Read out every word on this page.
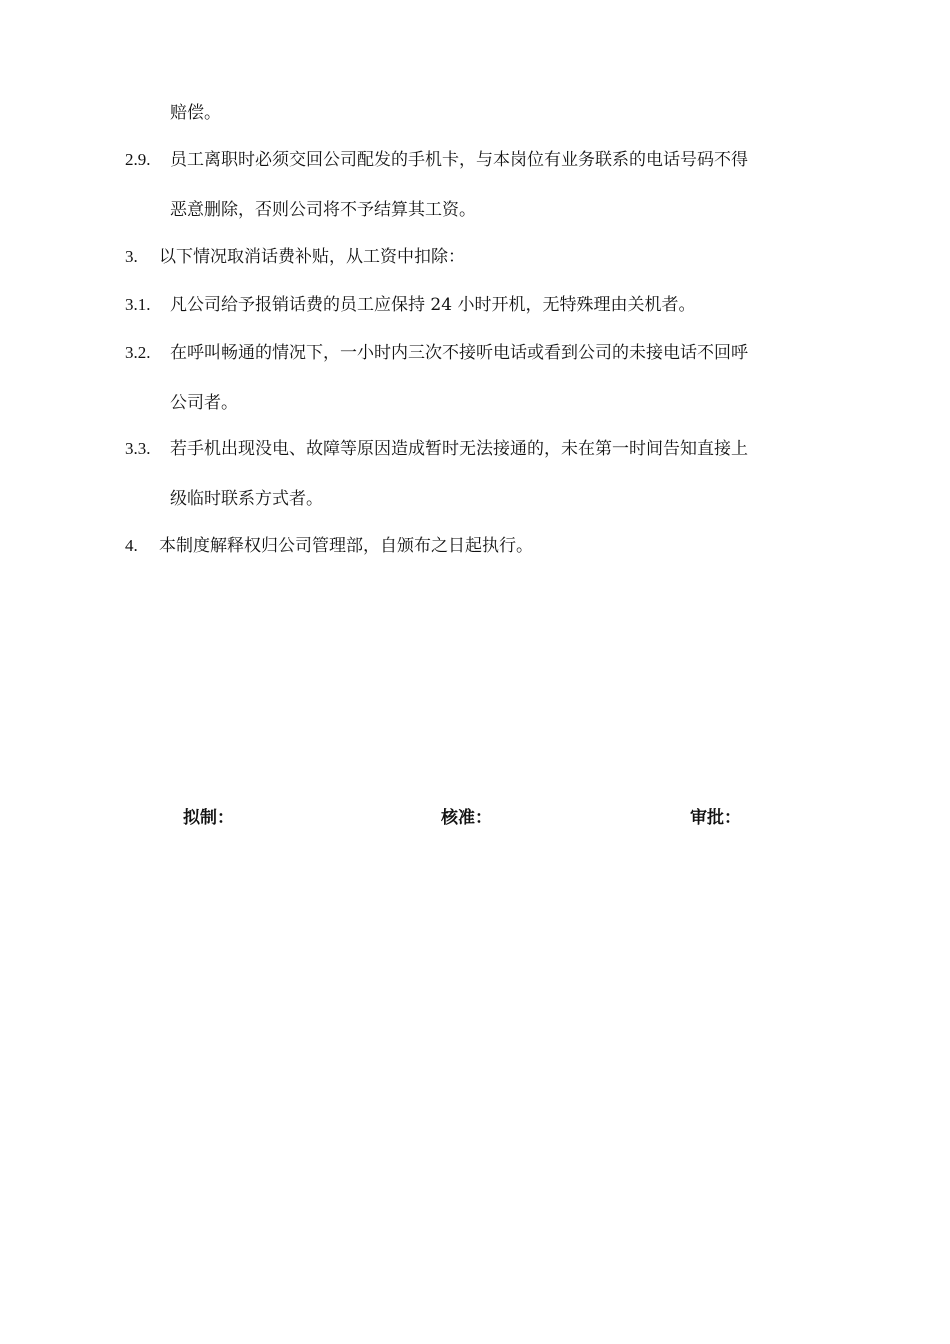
赔偿。
2.9. 员工离职时必须交回公司配发的手机卡，与本岗位有业务联系的电话号码不得
恶意删除，否则公司将不予结算其工资。
3. 以下情况取消话费补贴，从工资中扣除：
3.1. 凡公司给予报销话费的员工应保持 24 小时开机，无特殊理由关机者。
3.2. 在呼叫畅通的情况下，一小时内三次不接听电话或看到公司的未接电话不回呼
公司者。
3.3. 若手机出现没电、故障等原因造成暂时无法接通的，未在第一时间告知直接上
级临时联系方式者。
4. 本制度解释权归公司管理部，自颁布之日起执行。
拟制：	核准：	审批：
